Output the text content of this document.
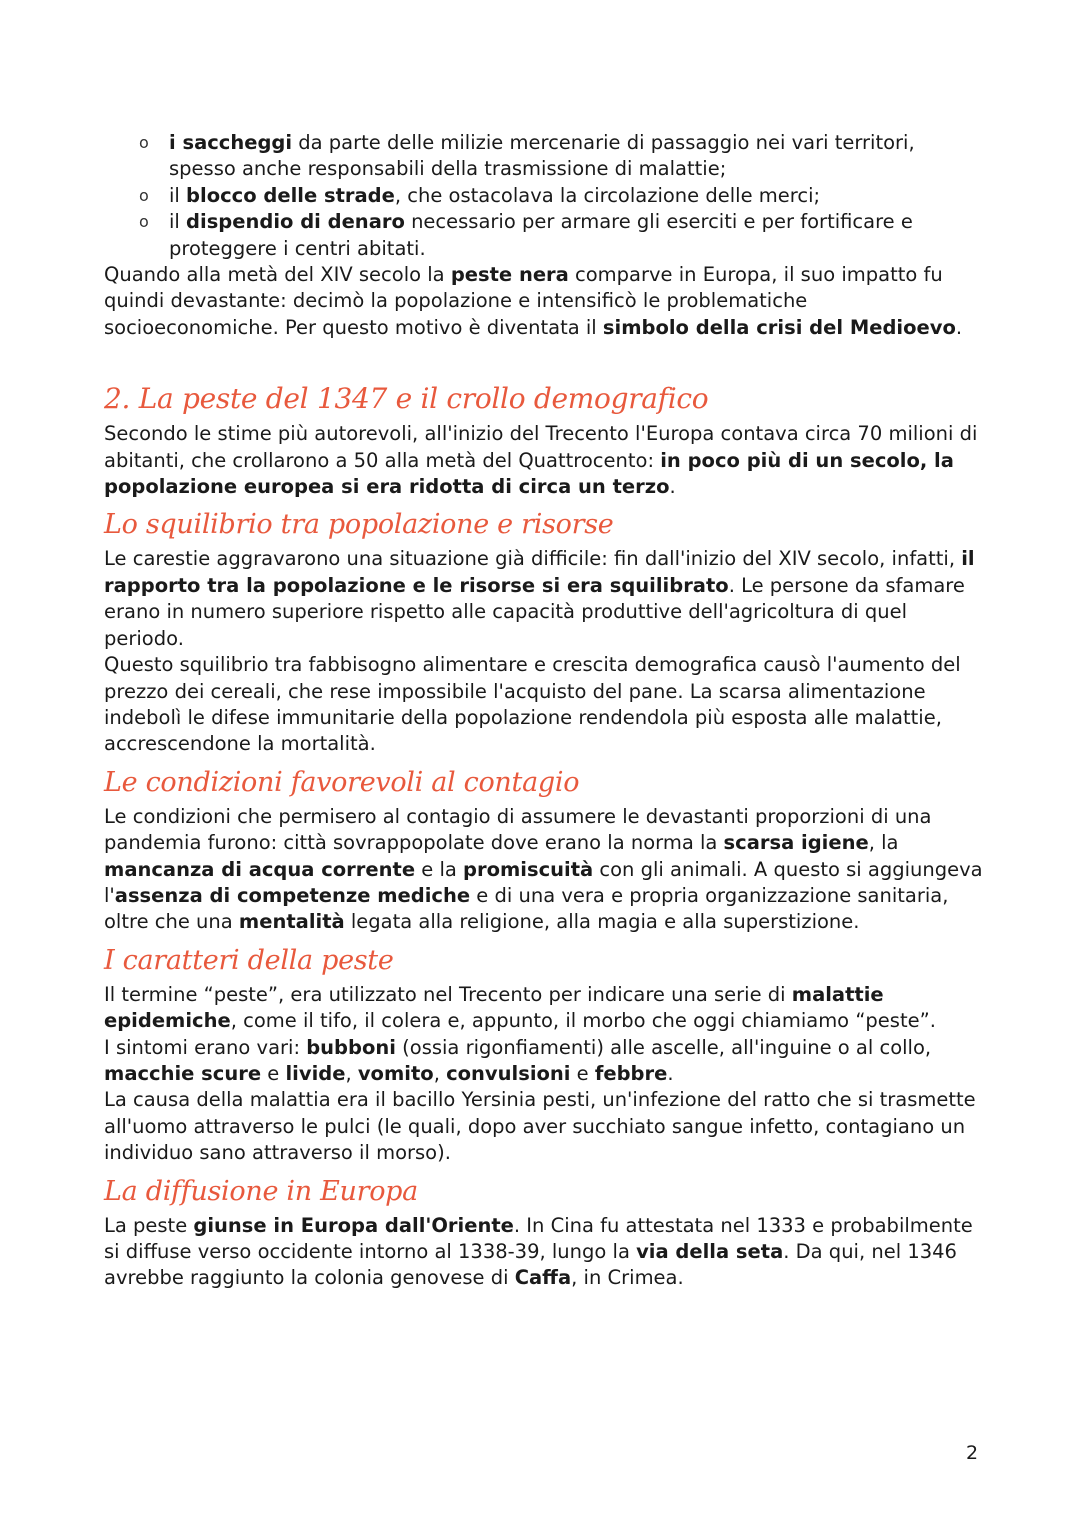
o i saccheggi da parte delle milizie mercenarie di passaggio nei vari territori, spesso anche responsabili della trasmissione di malattie;
o il blocco delle strade, che ostacolava la circolazione delle merci;
o il dispendio di denaro necessario per armare gli eserciti e per fortificare e proteggere i centri abitati.

Quando alla metà del XIV secolo la peste nera comparve in Europa, il suo impatto fu quindi devastante: decimò la popolazione e intensificò le problematiche socioeconomiche. Per questo motivo è diventata il simbolo della crisi del Medioevo.

2. La peste del 1347 e il crollo demografico

Secondo le stime più autorevoli, all'inizio del Trecento l'Europa contava circa 70 milioni di abitanti, che crollarono a 50 alla metà del Quattrocento: in poco più di un secolo, la popolazione europea si era ridotta di circa un terzo.

Lo squilibrio tra popolazione e risorse

Le carestie aggravarono una situazione già difficile: fin dall'inizio del XIV secolo, infatti, il rapporto tra la popolazione e le risorse si era squilibrato. Le persone da sfamare erano in numero superiore rispetto alle capacità produttive dell'agricoltura di quel periodo.

Questo squilibrio tra fabbisogno alimentare e crescita demografica causò l'aumento del prezzo dei cereali, che rese impossibile l'acquisto del pane. La scarsa alimentazione indebolì le difese immunitarie della popolazione rendendola più esposta alle malattie, accrescendone la mortalità.

Le condizioni favorevoli al contagio

Le condizioni che permisero al contagio di assumere le devastanti proporzioni di una pandemia furono: città sovrappopolate dove erano la norma la scarsa igiene, la mancanza di acqua corrente e la promiscuità con gli animali. A questo si aggiungeva l'assenza di competenze mediche e di una vera e propria organizzazione sanitaria, oltre che una mentalità legata alla religione, alla magia e alla superstizione.

I caratteri della peste

Il termine “peste”, era utilizzato nel Trecento per indicare una serie di malattie epidemiche, come il tifo, il colera e, appunto, il morbo che oggi chiamiamo “peste”.

I sintomi erano vari: bubboni (ossia rigonfiamenti) alle ascelle, all'inguine o al collo, macchie scure e livide, vomito, convulsioni e febbre.

La causa della malattia era il bacillo Yersinia pesti, un'infezione del ratto che si trasmette all'uomo attraverso le pulci (le quali, dopo aver succhiato sangue infetto, contagiano un individuo sano attraverso il morso).

La diffusione in Europa

La peste giunse in Europa dall'Oriente. In Cina fu attestata nel 1333 e probabilmente si diffuse verso occidente intorno al 1338-39, lungo la via della seta. Da qui, nel 1346 avrebbe raggiunto la colonia genovese di Caffa, in Crimea.

2
